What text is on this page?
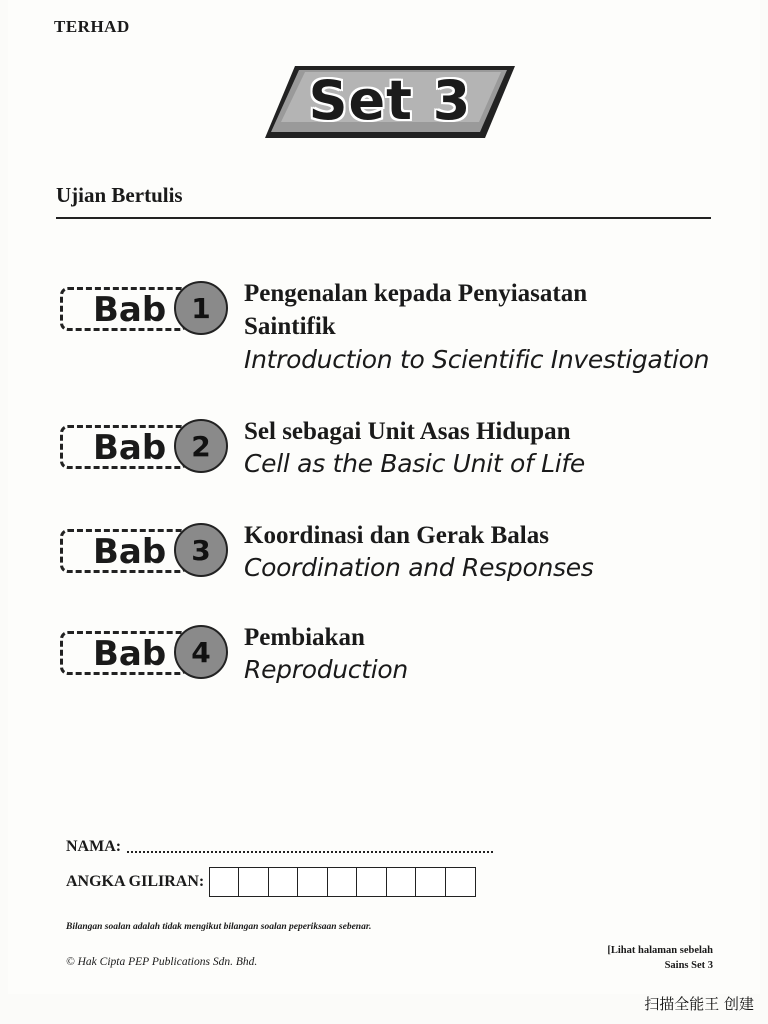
TERHAD
Set 3
Ujian Bertulis
Bab 1	Pengenalan kepada Penyiasatan
Saintifik
Introduction to Scientific Investigation
Bab 2	Sel sebagai Unit Asas Hidupan
Cell as the Basic Unit of Life
Bab 3	Koordinasi dan Gerak Balas
Coordination and Responses
Bab 4	Pembiakan
Reproduction
NAMA:
ANGKA GILIRAN:
Bilangan soalan adalah tidak mengikut bilangan soalan peperiksaan sebenar.
© Hak Cipta PEP Publications Sdn. Bhd.
[Lihat halaman sebelah
Sains Set 3
扫描全能王 创建
